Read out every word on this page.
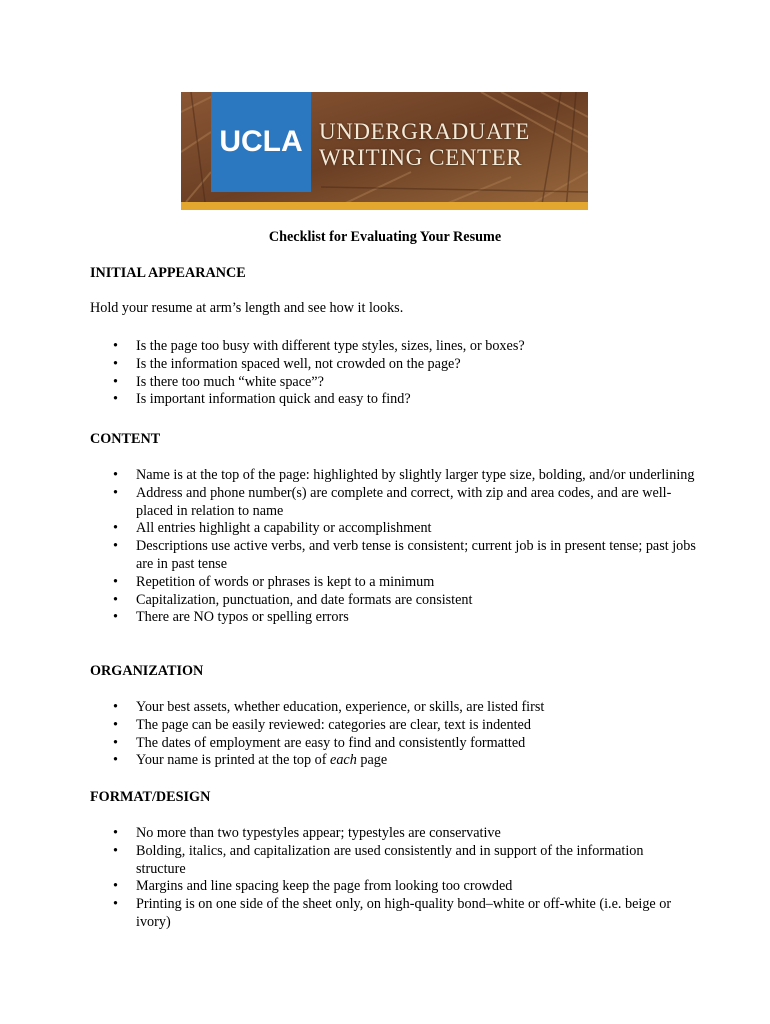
UCLA UNDERGRADUATE
WRITING CENTER
Checklist for Evaluating Your Resume
INITIAL APPEARANCE
Hold your resume at arm’s length and see how it looks.
• Is the page too busy with different type styles, sizes, lines, or boxes?
• Is the information spaced well, not crowded on the page?
• Is there too much “white space”?
• Is important information quick and easy to find?
CONTENT
• Name is at the top of the page: highlighted by slightly larger type size, bolding, and/or underlining
• Address and phone number(s) are complete and correct, with zip and area codes, and are well-placed in relation to name
• All entries highlight a capability or accomplishment
• Descriptions use active verbs, and verb tense is consistent; current job is in present tense; past jobs are in past tense
• Repetition of words or phrases is kept to a minimum
• Capitalization, punctuation, and date formats are consistent
• There are NO typos or spelling errors
ORGANIZATION
• Your best assets, whether education, experience, or skills, are listed first
• The page can be easily reviewed: categories are clear, text is indented
• The dates of employment are easy to find and consistently formatted
• Your name is printed at the top of each page
FORMAT/DESIGN
• No more than two typestyles appear; typestyles are conservative
• Bolding, italics, and capitalization are used consistently and in support of the information structure
• Margins and line spacing keep the page from looking too crowded
• Printing is on one side of the sheet only, on high-quality bond–white or off-white (i.e. beige or ivory)
